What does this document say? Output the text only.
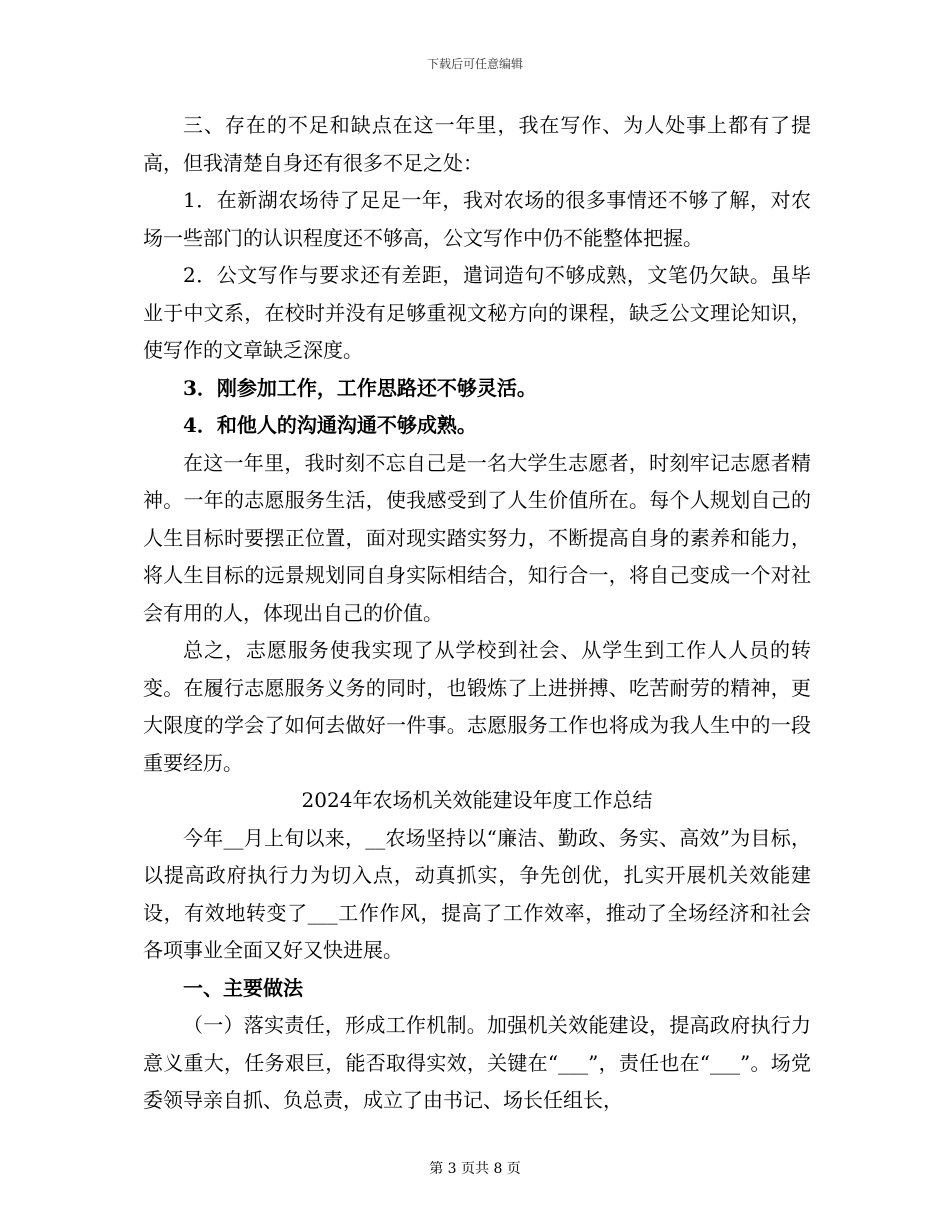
下载后可任意编辑

三、存在的不足和缺点在这一年里，我在写作、为人处事上都有了提高，但我清楚自身还有很多不足之处：

1．在新湖农场待了足足一年，我对农场的很多事情还不够了解，对农场一些部门的认识程度还不够高，公文写作中仍不能整体把握。

2．公文写作与要求还有差距，遣词造句不够成熟，文笔仍欠缺。虽毕业于中文系，在校时并没有足够重视文秘方向的课程，缺乏公文理论知识，使写作的文章缺乏深度。

3．刚参加工作，工作思路还不够灵活。

4．和他人的沟通沟通不够成熟。

在这一年里，我时刻不忘自己是一名大学生志愿者，时刻牢记志愿者精神。一年的志愿服务生活，使我感受到了人生价值所在。每个人规划自己的人生目标时要摆正位置，面对现实踏实努力，不断提高自身的素养和能力，将人生目标的远景规划同自身实际相结合，知行合一，将自己变成一个对社会有用的人，体现出自己的价值。

总之，志愿服务使我实现了从学校到社会、从学生到工作人人员的转变。在履行志愿服务义务的同时，也锻炼了上进拼搏、吃苦耐劳的精神，更大限度的学会了如何去做好一件事。志愿服务工作也将成为我人生中的一段重要经历。

2024年农场机关效能建设年度工作总结

今年__月上旬以来，__农场坚持以“廉洁、勤政、务实、高效”为目标，以提高政府执行力为切入点，动真抓实，争先创优，扎实开展机关效能建设，有效地转变了___工作作风，提高了工作效率，推动了全场经济和社会各项事业全面又好又快进展。

一、主要做法

（一）落实责任，形成工作机制。加强机关效能建设，提高政府执行力意义重大，任务艰巨，能否取得实效，关键在“___”，责任也在“___”。场党委领导亲自抓、负总责，成立了由书记、场长任组长，

第 3 页共 8 页
